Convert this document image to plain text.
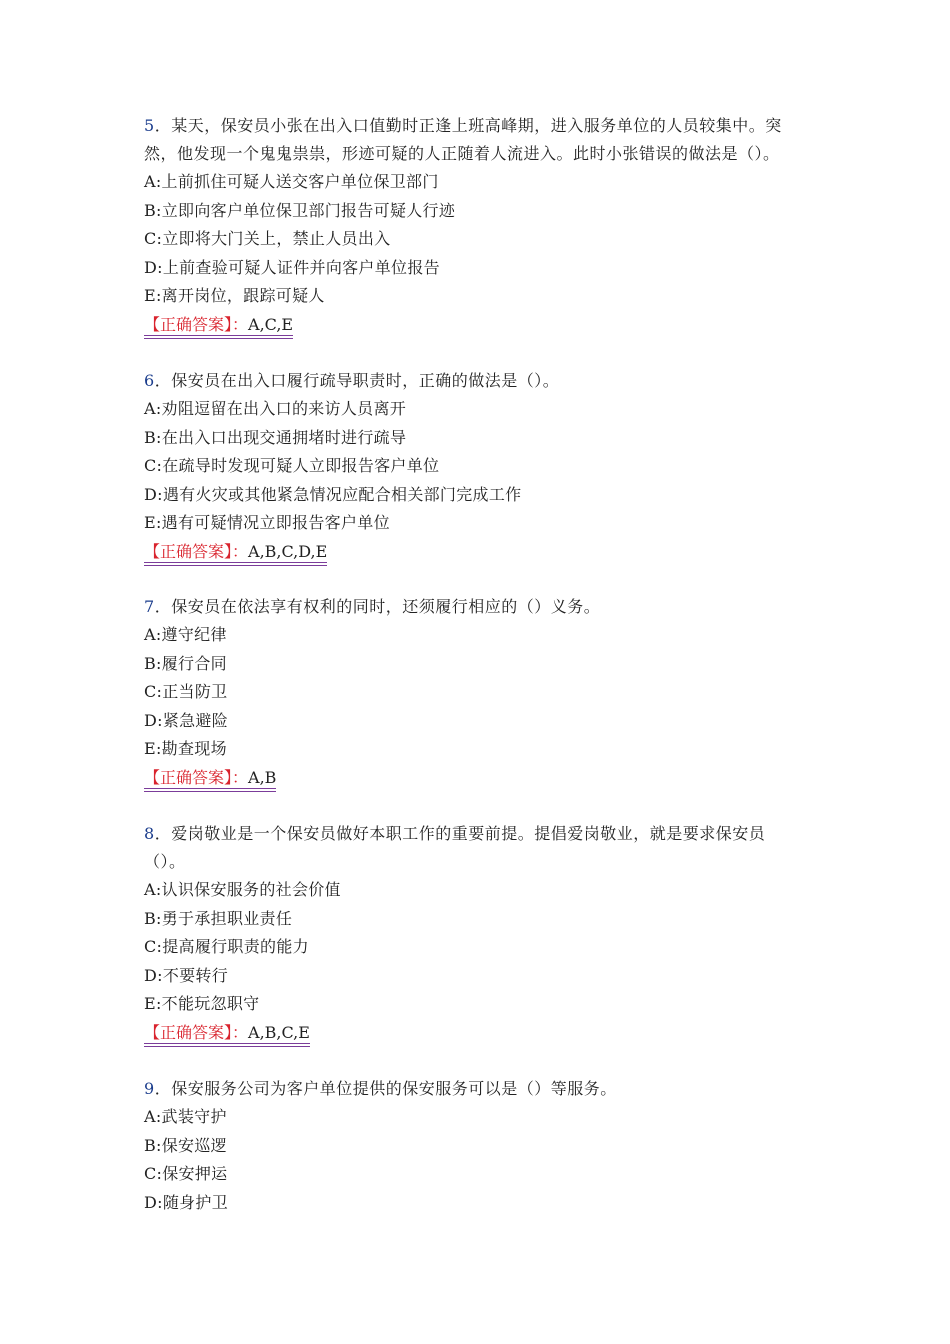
5．某天，保安员小张在出入口值勤时正逢上班高峰期，进入服务单位的人员较集中。突

然，他发现一个鬼鬼祟祟，形迹可疑的人正随着人流进入。此时小张错误的做法是（）。

A:上前抓住可疑人送交客户单位保卫部门

B:立即向客户单位保卫部门报告可疑人行迹

C:立即将大门关上，禁止人员出入

D:上前查验可疑人证件并向客户单位报告

E:离开岗位，跟踪可疑人

【正确答案】：A,C,E

6．保安员在出入口履行疏导职责时，正确的做法是（）。

A:劝阻逗留在出入口的来访人员离开

B:在出入口出现交通拥堵时进行疏导

C:在疏导时发现可疑人立即报告客户单位

D:遇有火灾或其他紧急情况应配合相关部门完成工作

E:遇有可疑情况立即报告客户单位

【正确答案】：A,B,C,D,E

7．保安员在依法享有权利的同时，还须履行相应的（）义务。

A:遵守纪律

B:履行合同

C:正当防卫

D:紧急避险

E:勘查现场

【正确答案】：A,B

8．爱岗敬业是一个保安员做好本职工作的重要前提。提倡爱岗敬业，就是要求保安员

（）。

A:认识保安服务的社会价值

B:勇于承担职业责任

C:提高履行职责的能力

D:不要转行

E:不能玩忽职守

【正确答案】：A,B,C,E

9．保安服务公司为客户单位提供的保安服务可以是（）等服务。

A:武装守护

B:保安巡逻

C:保安押运

D:随身护卫
